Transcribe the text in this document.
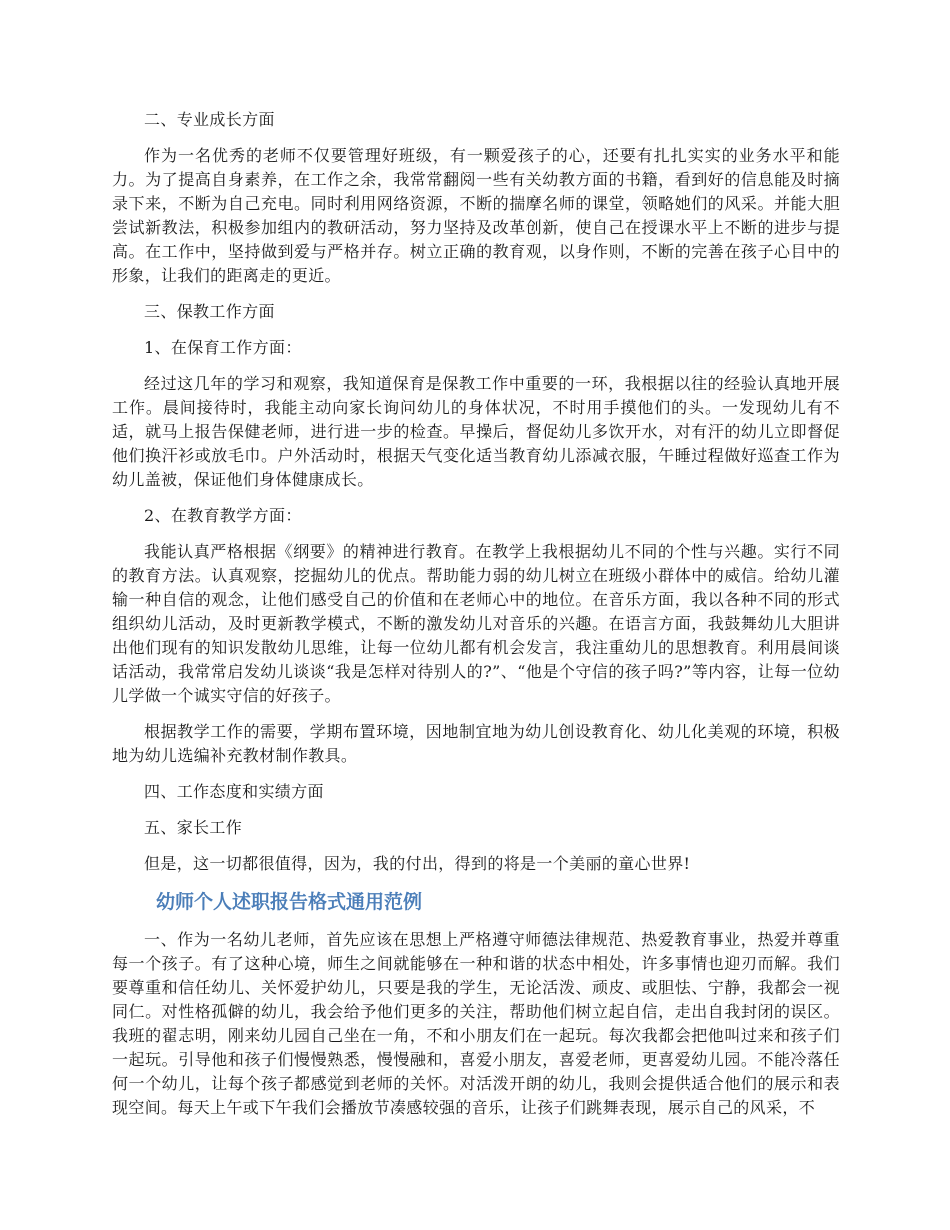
二、专业成长方面

作为一名优秀的老师不仅要管理好班级，有一颗爱孩子的心，还要有扎扎实实的业务水平和能力。为了提高自身素养，在工作之余，我常常翻阅一些有关幼教方面的书籍，看到好的信息能及时摘录下来，不断为自己充电。同时利用网络资源，不断的揣摩名师的课堂，领略她们的风采。并能大胆尝试新教法，积极参加组内的教研活动，努力坚持及改革创新，使自己在授课水平上不断的进步与提高。在工作中，坚持做到爱与严格并存。树立正确的教育观，以身作则，不断的完善在孩子心目中的形象，让我们的距离走的更近。

三、保教工作方面
1、在保育工作方面：

经过这几年的学习和观察，我知道保育是保教工作中重要的一环，我根据以往的经验认真地开展工作。晨间接待时，我能主动向家长询问幼儿的身体状况，不时用手摸他们的头。一发现幼儿有不适，就马上报告保健老师，进行进一步的检查。早操后，督促幼儿多饮开水，对有汗的幼儿立即督促他们换汗衫或放毛巾。户外活动时，根据天气变化适当教育幼儿添减衣服，午睡过程做好巡查工作为幼儿盖被，保证他们身体健康成长。

2、在教育教学方面：

我能认真严格根据《纲要》的精神进行教育。在教学上我根据幼儿不同的个性与兴趣。实行不同的教育方法。认真观察，挖掘幼儿的优点。帮助能力弱的幼儿树立在班级小群体中的威信。给幼儿灌输一种自信的观念，让他们感受自己的价值和在老师心中的地位。在音乐方面，我以各种不同的形式组织幼儿活动，及时更新教学模式，不断的激发幼儿对音乐的兴趣。在语言方面，我鼓舞幼儿大胆讲出他们现有的知识发散幼儿思维，让每一位幼儿都有机会发言，我注重幼儿的思想教育。利用晨间谈话活动，我常常启发幼儿谈谈“我是怎样对待别人的?”、“他是个守信的孩子吗?”等内容，让每一位幼儿学做一个诚实守信的好孩子。

根据教学工作的需要，学期布置环境，因地制宜地为幼儿创设教育化、幼儿化美观的环境，积极地为幼儿选编补充教材制作教具。

四、工作态度和实绩方面
五、家长工作

但是，这一切都很值得，因为，我的付出，得到的将是一个美丽的童心世界!

幼师个人述职报告格式通用范例

一、作为一名幼儿老师，首先应该在思想上严格遵守师德法律规范、热爱教育事业，热爱并尊重每一个孩子。有了这种心境，师生之间就能够在一种和谐的状态中相处，许多事情也迎刃而解。我们要尊重和信任幼儿、关怀爱护幼儿，只要是我的学生，无论活泼、顽皮、或胆怯、宁静，我都会一视同仁。对性格孤僻的幼儿，我会给予他们更多的关注，帮助他们树立起自信，走出自我封闭的误区。我班的翟志明，刚来幼儿园自己坐在一角，不和小朋友们在一起玩。每次我都会把他叫过来和孩子们一起玩。引导他和孩子们慢慢熟悉，慢慢融和，喜爱小朋友，喜爱老师，更喜爱幼儿园。不能冷落任何一个幼儿，让每个孩子都感觉到老师的关怀。对活泼开朗的幼儿，我则会提供适合他们的展示和表现空间。每天上午或下午我们会播放节凑感较强的音乐，让孩子们跳舞表现，展示自己的风采，不
